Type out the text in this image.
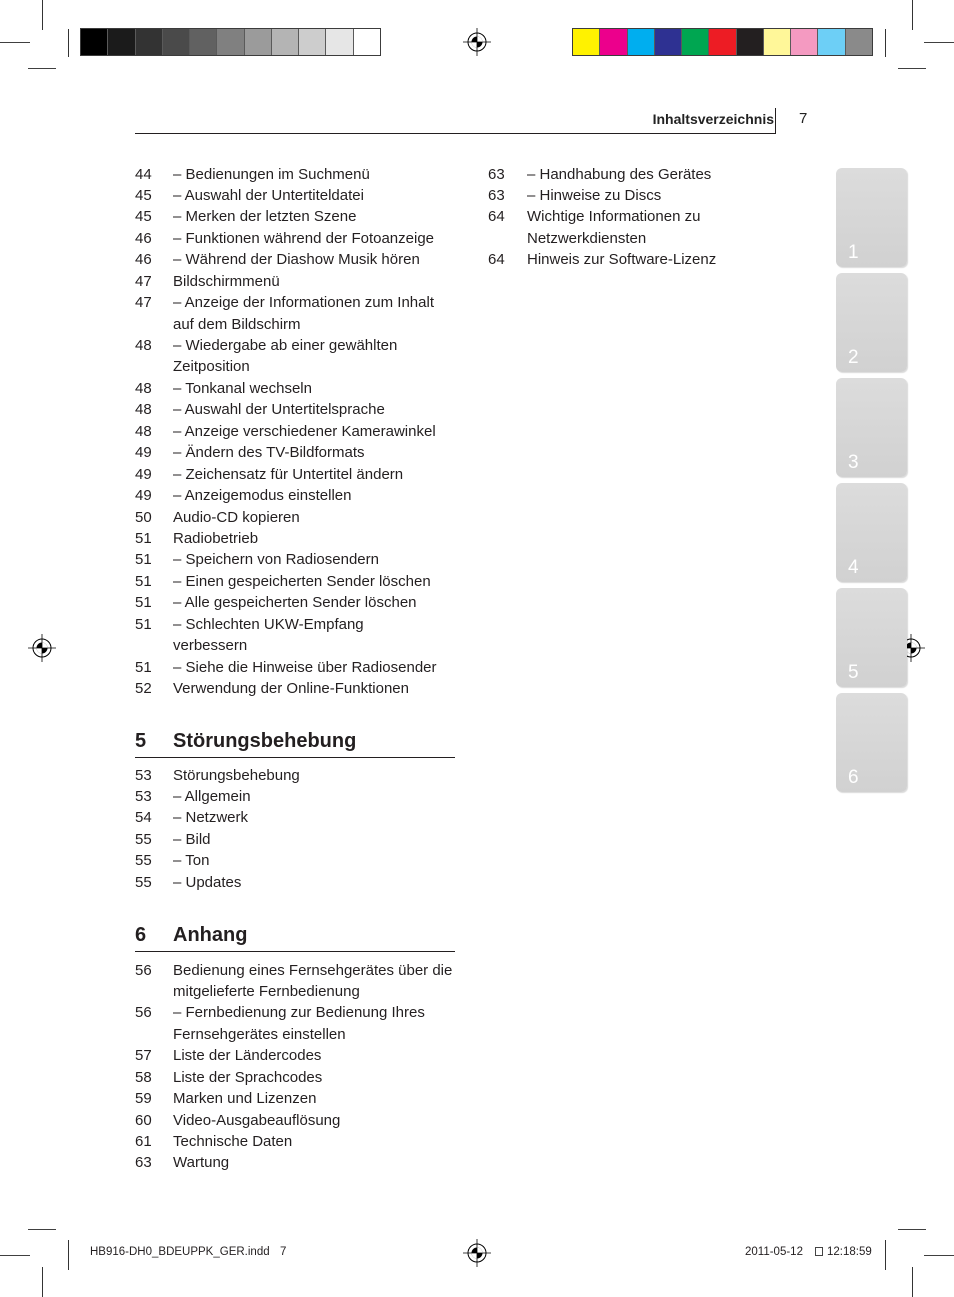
Inhaltsverzeichnis 7
44	– Bedienungen im Suchmenü
45	– Auswahl der Untertiteldatei
45	– Merken der letzten Szene
46	– Funktionen während der Fotoanzeige
46	– Während der Diashow Musik hören
47	Bildschirmmenü
47	– Anzeige der Informationen zum Inhalt
auf dem Bildschirm
48	– Wiedergabe ab einer gewählten
Zeitposition
48	– Tonkanal wechseln
48	– Auswahl der Untertitelsprache
48	– Anzeige verschiedener Kamerawinkel
49	– Ändern des TV-Bildformats
49	– Zeichensatz für Untertitel ändern
49	– Anzeigemodus einstellen
50	Audio-CD kopieren
51	Radiobetrieb
51	– Speichern von Radiosendern
51	– Einen gespeicherten Sender löschen
51	– Alle gespeicherten Sender löschen
51	– Schlechten UKW-Empfang
verbessern
51	– Siehe die Hinweise über Radiosender
52	Verwendung der Online-Funktionen
5	Störungsbehebung
53	Störungsbehebung
53	– Allgemein
54	– Netzwerk
55	– Bild
55	– Ton
55	– Updates
6	Anhang
56	Bedienung eines Fernsehgerätes über die
mitgelieferte Fernbedienung
56	– Fernbedienung zur Bedienung Ihres
Fernsehgerätes einstellen
57	Liste der Ländercodes
58	Liste der Sprachcodes
59	Marken und Lizenzen
60	Video-Ausgabeauflösung
61	Technische Daten
63	Wartung
63	– Handhabung des Gerätes
63	– Hinweise zu Discs
64	Wichtige Informationen zu
Netzwerkdiensten
64	Hinweis zur Software-Lizenz	1
2
3
4
5
6
HB916-DH0_BDEUPPK_GER.indd 7	2011-05-12 12:18:59
